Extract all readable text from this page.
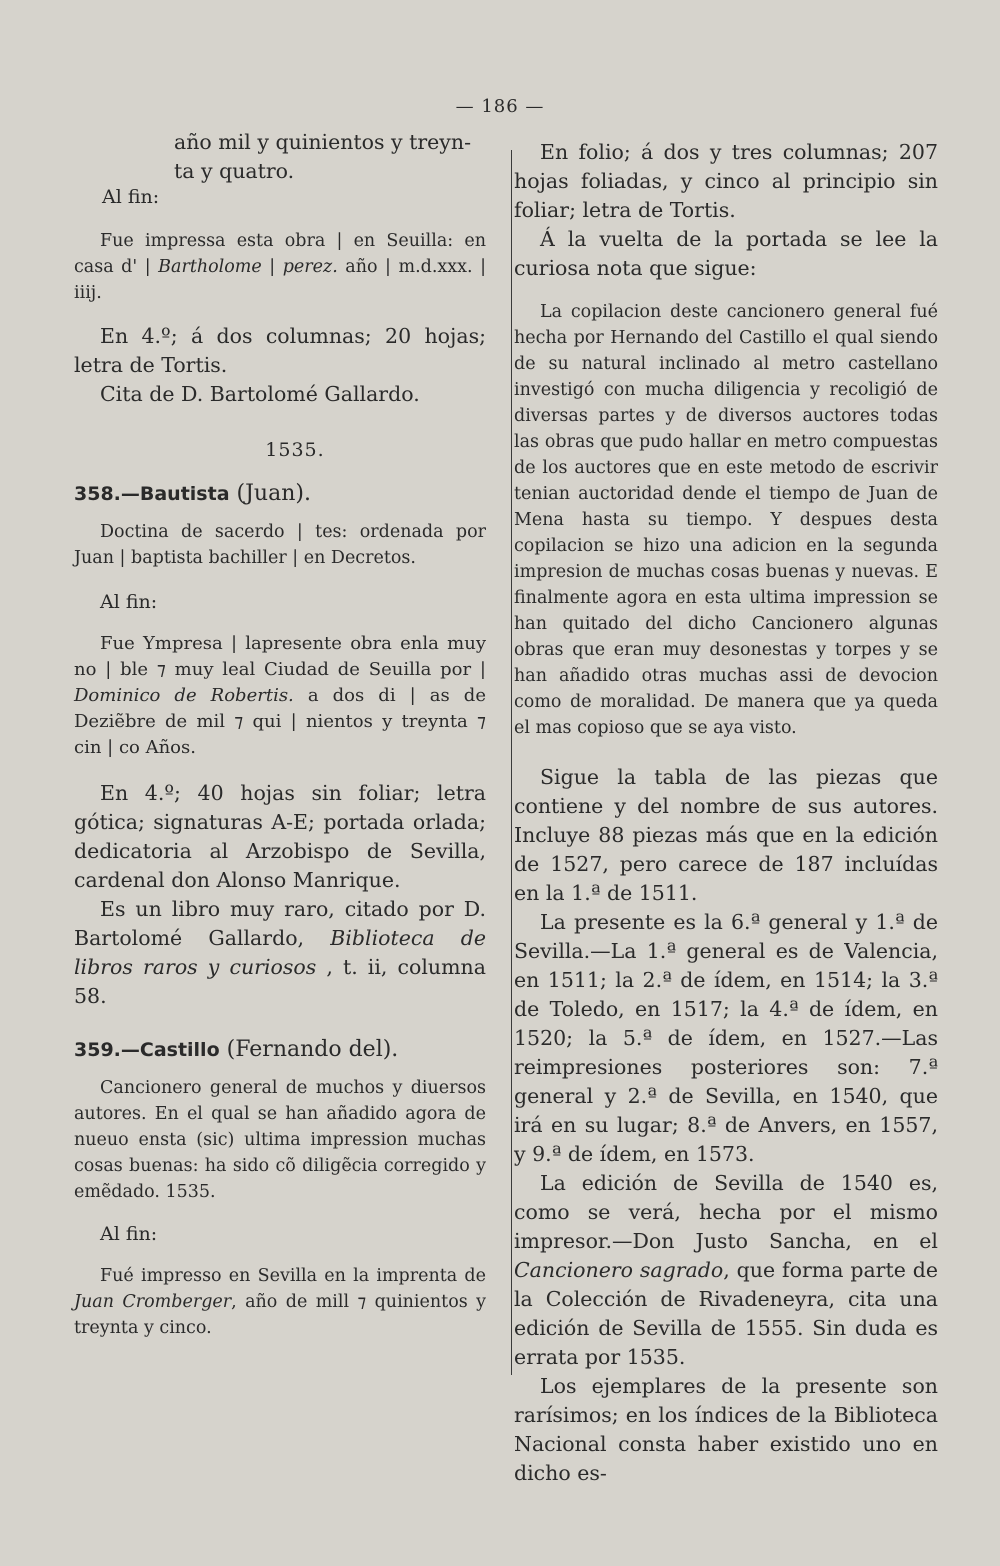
— 186 —

año mil y quinientos y treyn-

ta y quatro.

Al fin:

Fue impressa esta obra | en Seuilla: en casa d' | Bartholome | perez. año | m.d.xxx. | iiij.

En 4.º; á dos columnas; 20 hojas; letra de Tortis.

Cita de D. Bartolomé Gallardo.

1535.

358.—Bautista (Juan).

Doctina de sacerdo | tes: ordenada por Juan | baptista bachiller | en Decretos.

Al fin:

Fue Ympresa | lapresente obra enla muy no | ble ⁊ muy leal Ciudad de Seuilla por | Dominico de Robertis. a dos di | as de Deziẽbre de mil ⁊ qui | nientos y treynta ⁊ cin | co Años.

En 4.º; 40 hojas sin foliar; letra gótica; signaturas A-E; portada orlada; dedicatoria al Arzobispo de Sevilla, cardenal don Alonso Manrique.

Es un libro muy raro, citado por D. Bartolomé Gallardo, Biblioteca de libros raros y curiosos , t. ii, columna 58.

359.—Castillo (Fernando del).

Cancionero general de muchos y diuersos autores. En el qual se han añadido agora de nueuo ensta (sic) ultima impression muchas cosas buenas: ha sido cõ diligẽcia corregido y emẽdado. 1535.

Al fin:

Fué impresso en Sevilla en la imprenta de Juan Cromberger, año de mill ⁊ quinientos y treynta y cinco.

En folio; á dos y tres columnas; 207 hojas foliadas, y cinco al principio sin foliar; letra de Tortis.

Á la vuelta de la portada se lee la curiosa nota que sigue:

La copilacion deste cancionero general fué hecha por Hernando del Castillo el qual siendo de su natural inclinado al metro castellano investigó con mucha diligencia y recoligió de diversas partes y de diversos auctores todas las obras que pudo hallar en metro compuestas de los auctores que en este metodo de escrivir tenian auctoridad dende el tiempo de Juan de Mena hasta su tiempo. Y despues desta copilacion se hizo una adicion en la segunda impresion de muchas cosas buenas y nuevas. E finalmente agora en esta ultima impression se han quitado del dicho Cancionero algunas obras que eran muy desonestas y torpes y se han añadido otras muchas assi de devocion como de moralidad. De manera que ya queda el mas copioso que se aya visto.

Sigue la tabla de las piezas que contiene y del nombre de sus autores. Incluye 88 piezas más que en la edición de 1527, pero carece de 187 incluídas en la 1.ª de 1511.

La presente es la 6.ª general y 1.ª de Sevilla.—La 1.ª general es de Valencia, en 1511; la 2.ª de ídem, en 1514; la 3.ª de Toledo, en 1517; la 4.ª de ídem, en 1520; la 5.ª de ídem, en 1527.—Las reimpresiones posteriores son: 7.ª general y 2.ª de Sevilla, en 1540, que irá en su lugar; 8.ª de Anvers, en 1557, y 9.ª de ídem, en 1573.

La edición de Sevilla de 1540 es, como se verá, hecha por el mismo impresor.—Don Justo Sancha, en el Cancionero sagrado, que forma parte de la Colección de Rivadeneyra, cita una edición de Sevilla de 1555. Sin duda es errata por 1535.

Los ejemplares de la presente son rarísimos; en los índices de la Biblioteca Nacional consta haber existido uno en dicho es-
